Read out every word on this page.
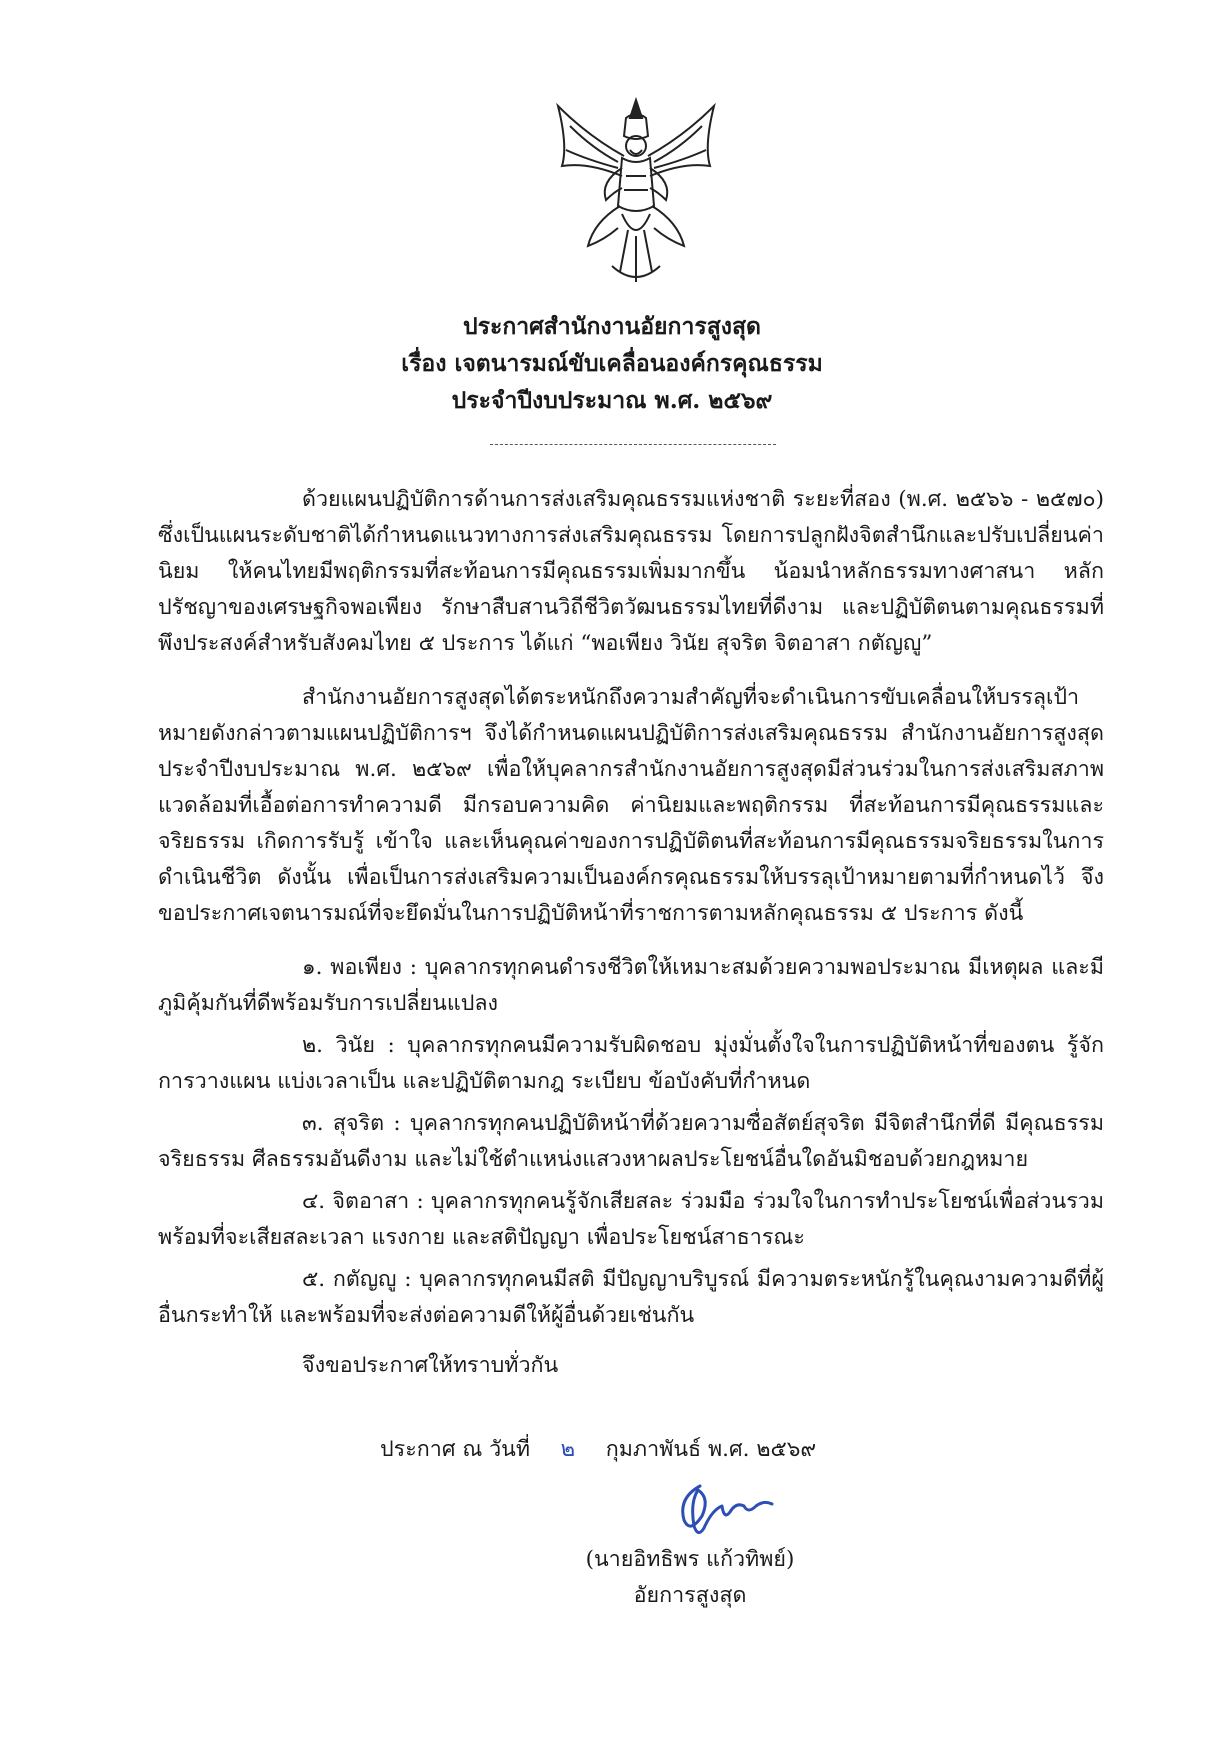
ประกาศสำนักงานอัยการสูงสุด
เรื่อง เจตนารมณ์ขับเคลื่อนองค์กรคุณธรรม
ประจำปีงบประมาณ พ.ศ. ๒๕๖๙

ด้วยแผนปฏิบัติการด้านการส่งเสริมคุณธรรมแห่งชาติ ระยะที่สอง (พ.ศ. ๒๕๖๖ - ๒๕๗๐) ซึ่งเป็นแผนระดับชาติได้กำหนดแนวทางการส่งเสริมคุณธรรม โดยการปลูกฝังจิตสำนึกและปรับเปลี่ยนค่านิยม ให้คนไทยมีพฤติกรรมที่สะท้อนการมีคุณธรรมเพิ่มมากขึ้น น้อมนำหลักธรรมทางศาสนา หลักปรัชญาของเศรษฐกิจพอเพียง รักษาสืบสานวิถีชีวิตวัฒนธรรมไทยที่ดีงาม และปฏิบัติตนตามคุณธรรมที่พึงประสงค์สำหรับสังคมไทย ๕ ประการ ได้แก่ “พอเพียง วินัย สุจริต จิตอาสา กตัญญู”

สำนักงานอัยการสูงสุดได้ตระหนักถึงความสำคัญที่จะดำเนินการขับเคลื่อนให้บรรลุเป้าหมายดังกล่าวตามแผนปฏิบัติการฯ จึงได้กำหนดแผนปฏิบัติการส่งเสริมคุณธรรม สำนักงานอัยการสูงสุด ประจำปีงบประมาณ พ.ศ. ๒๕๖๙ เพื่อให้บุคลากรสำนักงานอัยการสูงสุดมีส่วนร่วมในการส่งเสริมสภาพแวดล้อมที่เอื้อต่อการทำความดี มีกรอบความคิด ค่านิยมและพฤติกรรม ที่สะท้อนการมีคุณธรรมและจริยธรรม เกิดการรับรู้ เข้าใจ และเห็นคุณค่าของการปฏิบัติตนที่สะท้อนการมีคุณธรรมจริยธรรมในการดำเนินชีวิต ดังนั้น เพื่อเป็นการส่งเสริมความเป็นองค์กรคุณธรรมให้บรรลุเป้าหมายตามที่กำหนดไว้ จึงขอประกาศเจตนารมณ์ที่จะยึดมั่นในการปฏิบัติหน้าที่ราชการตามหลักคุณธรรม ๕ ประการ ดังนี้

๑. พอเพียง : บุคลากรทุกคนดำรงชีวิตให้เหมาะสมด้วยความพอประมาณ มีเหตุผล และมีภูมิคุ้มกันที่ดีพร้อมรับการเปลี่ยนแปลง

๒. วินัย : บุคลากรทุกคนมีความรับผิดชอบ มุ่งมั่นตั้งใจในการปฏิบัติหน้าที่ของตน รู้จักการวางแผน แบ่งเวลาเป็น และปฏิบัติตามกฎ ระเบียบ ข้อบังคับที่กำหนด

๓. สุจริต : บุคลากรทุกคนปฏิบัติหน้าที่ด้วยความซื่อสัตย์สุจริต มีจิตสำนึกที่ดี มีคุณธรรม จริยธรรม ศีลธรรมอันดีงาม และไม่ใช้ตำแหน่งแสวงหาผลประโยชน์อื่นใดอันมิชอบด้วยกฎหมาย

๔. จิตอาสา : บุคลากรทุกคนรู้จักเสียสละ ร่วมมือ ร่วมใจในการทำประโยชน์เพื่อส่วนรวม พร้อมที่จะเสียสละเวลา แรงกาย และสติปัญญา เพื่อประโยชน์สาธารณะ

๕. กตัญญู : บุคลากรทุกคนมีสติ มีปัญญาบริบูรณ์ มีความตระหนักรู้ในคุณงามความดีที่ผู้อื่นกระทำให้ และพร้อมที่จะส่งต่อความดีให้ผู้อื่นด้วยเช่นกัน

จึงขอประกาศให้ทราบทั่วกัน

ประกาศ ณ วันที่ ๒ กุมภาพันธ์ พ.ศ. ๒๕๖๙
(นายอิทธิพร แก้วทิพย์)
อัยการสูงสุด
